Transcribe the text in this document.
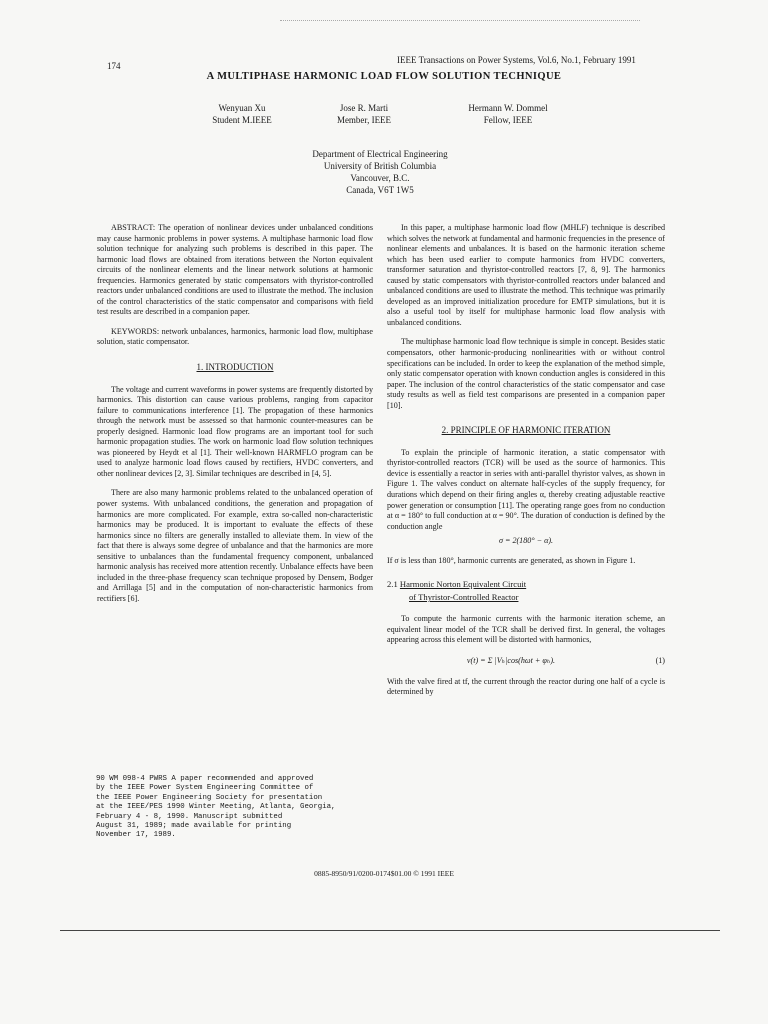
174
IEEE Transactions on Power Systems, Vol.6, No.1, February 1991
A MULTIPHASE HARMONIC LOAD FLOW SOLUTION TECHNIQUE
Wenyuan Xu
Student M.IEEE
Jose R. Marti
Member, IEEE
Hermann W. Dommel
Fellow, IEEE
Department of Electrical Engineering
University of British Columbia
Vancouver, B.C.
Canada, V6T 1W5

ABSTRACT: The operation of nonlinear devices under unbalanced conditions may cause harmonic problems in power systems. A multiphase harmonic load flow solution technique for analyzing such problems is described in this paper. The harmonic load flows are obtained from iterations between the Norton equivalent circuits of the nonlinear elements and the linear network solutions at harmonic frequencies. Harmonics generated by static compensators with thyristor-controlled reactors under unbalanced conditions are used to illustrate the method. The inclusion of the control characteristics of the static compensator and comparisons with field test results are described in a companion paper.

KEYWORDS: network unbalances, harmonics, harmonic load flow, multiphase solution, static compensator.

1. INTRODUCTION

The voltage and current waveforms in power systems are frequently distorted by harmonics. This distortion can cause various problems, ranging from capacitor failure to communications interference [1]. The propagation of these harmonics through the network must be assessed so that harmonic counter-measures can be properly designed. Harmonic load flow programs are an important tool for such harmonic propagation studies. The work on harmonic load flow solution techniques was pioneered by Heydt et al [1]. Their well-known HARMFLO program can be used to analyze harmonic load flows caused by rectifiers, HVDC converters, and other nonlinear devices [2, 3]. Similar techniques are described in [4, 5].

There are also many harmonic problems related to the unbalanced operation of power systems. With unbalanced conditions, the generation and propagation of harmonics are more complicated. For example, extra so-called non-characteristic harmonics may be produced. It is important to evaluate the effects of these harmonics since no filters are generally installed to alleviate them. In view of the fact that there is always some degree of unbalance and that the harmonics are more sensitive to unbalances than the fundamental frequency component, unbalanced harmonic analysis has received more attention recently. Unbalance effects have been included in the three-phase frequency scan technique proposed by Densem, Bodger and Arrillaga [5] and in the computation of non-characteristic harmonics from rectifiers [6].

90 WM 098-4 PWRS A paper recommended and approved
by the IEEE Power System Engineering Committee of
the IEEE Power Engineering Society for presentation
at the IEEE/PES 1990 Winter Meeting, Atlanta, Georgia,
February 4 - 8, 1990. Manuscript submitted
August 31, 1989; made available for printing
November 17, 1989.

In this paper, a multiphase harmonic load flow (MHLF) technique is described which solves the network at fundamental and harmonic frequencies in the presence of nonlinear elements and unbalances. It is based on the harmonic iteration scheme which has been used earlier to compute harmonics from HVDC converters, transformer saturation and thyristor-controlled reactors [7, 8, 9]. The harmonics caused by static compensators with thyristor-controlled reactors under balanced and unbalanced conditions are used to illustrate the method. This technique was primarily developed as an improved initialization procedure for EMTP simulations, but it is also a useful tool by itself for multiphase harmonic load flow analysis with unbalanced conditions.

The multiphase harmonic load flow technique is simple in concept. Besides static compensators, other harmonic-producing nonlinearities with or without control specifications can be included. In order to keep the explanation of the method simple, only static compensator operation with known conduction angles is considered in this paper. The inclusion of the control characteristics of the static compensator and case study results as well as field test comparisons are presented in a companion paper [10].

2. PRINCIPLE OF HARMONIC ITERATION

To explain the principle of harmonic iteration, a static compensator with thyristor-controlled reactors (TCR) will be used as the source of harmonics. This device is essentially a reactor in series with anti-parallel thyristor valves, as shown in Figure 1. The valves conduct on alternate half-cycles of the supply frequency, for durations which depend on their firing angles α, thereby creating adjustable reactive power generation or consumption [11]. The operating range goes from no conduction at α = 180° to full conduction at α = 90°. The duration of conduction is defined by the conduction angle

σ = 2(180° − α).

If σ is less than 180°, harmonic currents are generated, as shown in Figure 1.

2.1 Harmonic Norton Equivalent Circuit
of Thyristor-Controlled Reactor

To compute the harmonic currents with the harmonic iteration scheme, an equivalent linear model of the TCR shall be derived first. In general, the voltages appearing across this element will be distorted with harmonics,

v(t) = Σ |Vₕ|cos(hωt + φₕ).	(1)

With the valve fired at tf, the current through the reactor during one half of a cycle is determined by

0885-8950/91/0200-0174$01.00 © 1991 IEEE
